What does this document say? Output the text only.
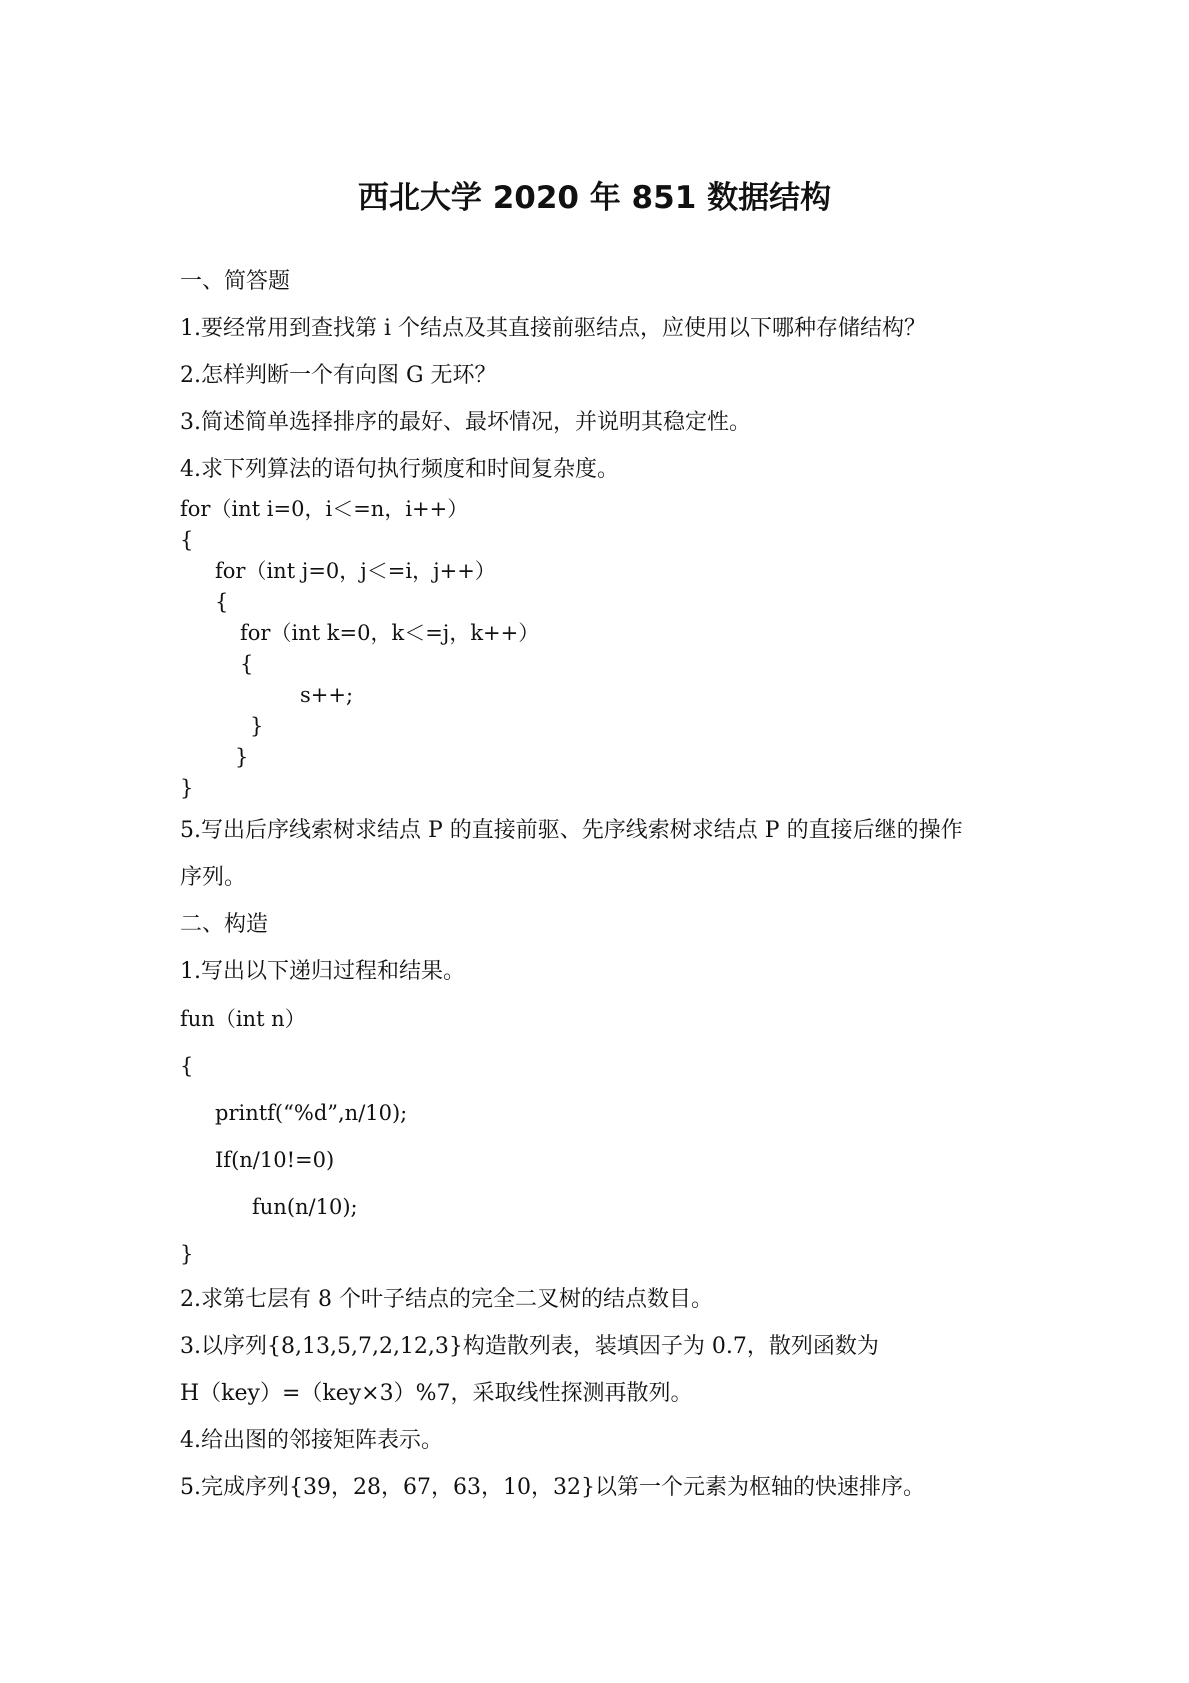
西北大学 2020 年 851 数据结构
一、简答题
1.要经常用到查找第 i 个结点及其直接前驱结点，应使用以下哪种存储结构？
2.怎样判断一个有向图 G 无环？
3.简述简单选择排序的最好、最坏情况，并说明其稳定性。
4.求下列算法的语句执行频度和时间复杂度。
for（int i=0，i＜=n，i++）
{
for（int j=0，j＜=i，j++）
{
for（int k=0，k＜=j，k++）
{
s++;
}
}
}
5.写出后序线索树求结点 P 的直接前驱、先序线索树求结点 P 的直接后继的操作
序列。
二、构造
1.写出以下递归过程和结果。
fun（int n）
{
printf(“%d”,n/10);
If(n/10!=0)
fun(n/10);
}
2.求第七层有 8 个叶子结点的完全二叉树的结点数目。
3.以序列{8,13,5,7,2,12,3}构造散列表，装填因子为 0.7，散列函数为
H（key）=（key×3）%7，采取线性探测再散列。
4.给出图的邻接矩阵表示。
5.完成序列{39，28，67，63，10，32}以第一个元素为枢轴的快速排序。
